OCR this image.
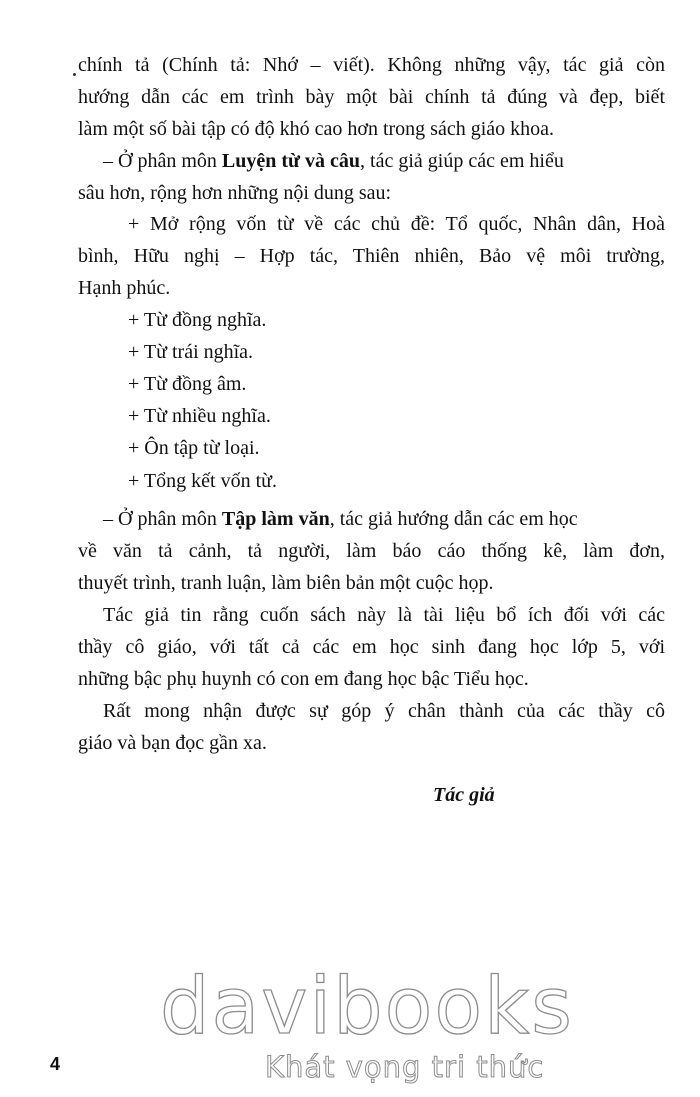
chính tả (Chính tả: Nhớ – viết). Không những vậy, tác giả còn
hướng dẫn các em trình bày một bài chính tả đúng và đẹp, biết
làm một số bài tập có độ khó cao hơn trong sách giáo khoa.
– Ở phân môn Luyện từ và câu, tác giả giúp các em hiểu
sâu hơn, rộng hơn những nội dung sau:
+ Mở rộng vốn từ về các chủ đề: Tổ quốc, Nhân dân, Hoà
bình, Hữu nghị – Hợp tác, Thiên nhiên, Bảo vệ môi trường,
Hạnh phúc.
+ Từ đồng nghĩa.
+ Từ trái nghĩa.
+ Từ đồng âm.
+ Từ nhiều nghĩa.
+ Ôn tập từ loại.
+ Tổng kết vốn từ.
– Ở phân môn Tập làm văn, tác giả hướng dẫn các em học
về văn tả cảnh, tả người, làm báo cáo thống kê, làm đơn,
thuyết trình, tranh luận, làm biên bản một cuộc họp.
Tác giả tin rằng cuốn sách này là tài liệu bổ ích đối với các
thầy cô giáo, với tất cả các em học sinh đang học lớp 5, với
những bậc phụ huynh có con em đang học bậc Tiểu học.
Rất mong nhận được sự góp ý chân thành của các thầy cô
giáo và bạn đọc gần xa.
Tác giả
davibooks
Khát vọng tri thức
4
